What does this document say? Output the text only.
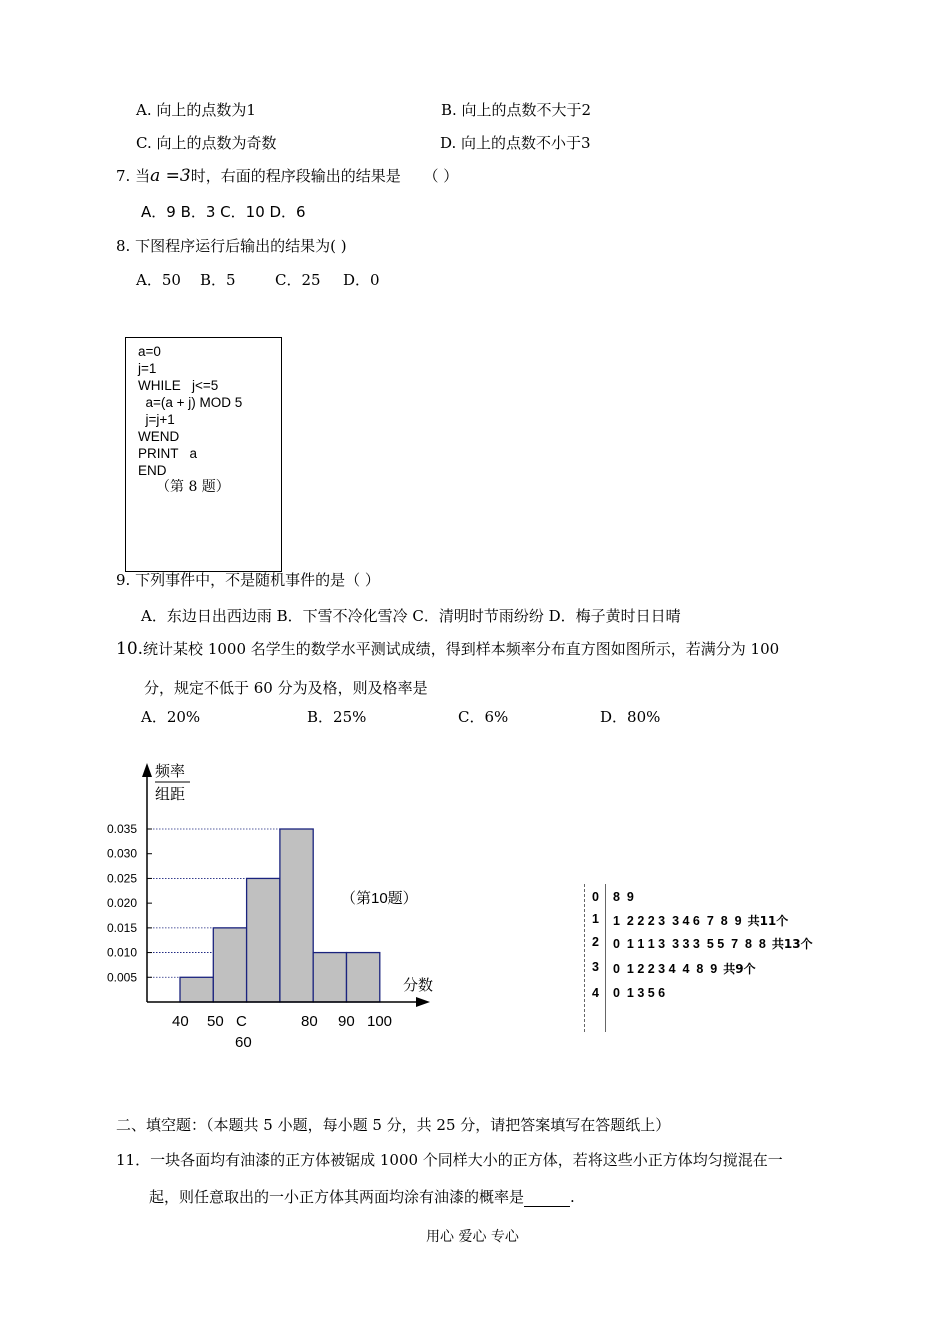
A. 向上的点数为1	B. 向上的点数不大于2
C. 向上的点数为奇数	D. 向上的点数不小于3
7. 当a =3时，右面的程序段输出的结果是 （ ）
A．9 B．3 C．10 D．6
8. 下图程序运行后输出的结果为( )
A．50 B．5	C．25 D．0
a=0
j=1
WHILE   j<=5
a=(a + j) MOD 5
j=j+1
WEND
PRINT   a
END
（第 8 题）
9. 下列事件中，不是随机事件的是（ ）
A．东边日出西边雨 B．下雪不冷化雪冷 C．清明时节雨纷纷 D．梅子黄时日日晴
10.统计某校 1000 名学生的数学水平测试成绩，得到样本频率分布直方图如图所示，若满分为 100
分，规定不低于 60 分为及格，则及格率是
A．20%	B．25%	C．6%	D．80%
0.005
0.010
0.015
0.020
0.025
0.030
0.035
40 50 C	80 90 100
60
频率
组距
分数
（第10题）	0 8  9
1 1  2 2 2 3  3 4 6  7  8  9 共11个
2 0  1 1 1 3  3 3 3  5 5  7  8  8 共13个
3 0  1 2 2 3 4  4  8  9 共9个
4 0  1 3 5 6
二、填空题：（本题共 5 小题，每小题 5 分，共 25 分，请把答案填写在答题纸上）
11．一块各面均有油漆的正方体被锯成 1000 个同样大小的正方体，若将这些小正方体均匀搅混在一
起，则任意取出的一小正方体其两面均涂有油漆的概率是	.
用心 爱心 专心
